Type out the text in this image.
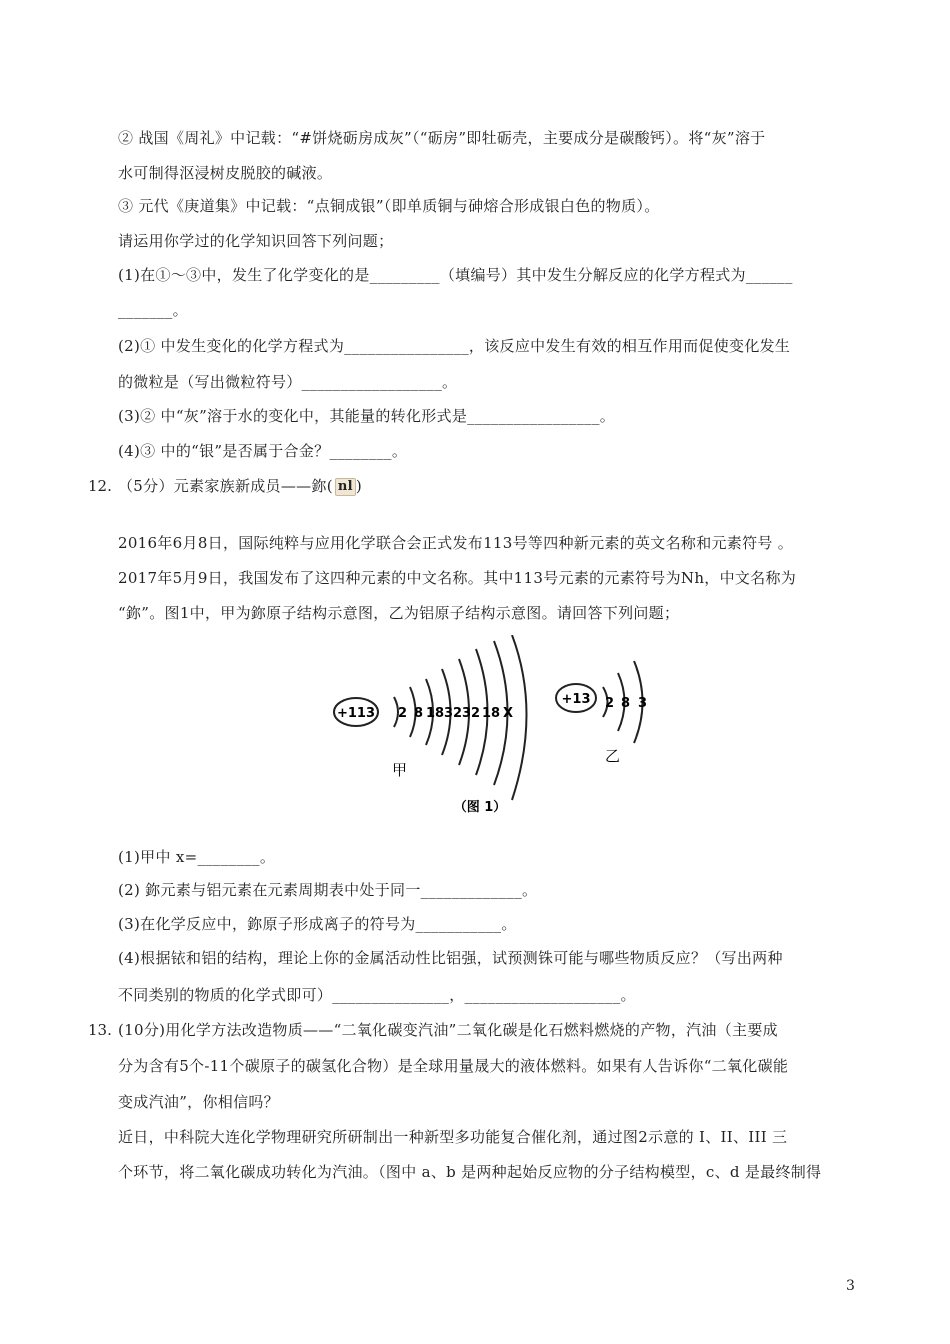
② 战国《周礼》中记载：“#饼烧砺房成灰”（“砺房”即牡砺壳，主要成分是碳酸钙）。将“灰”溶于
水可制得沤浸树皮脱胶的碱液。
③ 元代《庚道集》中记载：“点铜成银”（即单质铜与砷熔合形成银白色的物质）。
请运用你学过的化学知识回答下列问题；
(1)在①～③中，发生了化学变化的是_________（填编号）其中发生分解反应的化学方程式为______
_______。
(2)① 中发生变化的化学方程式为________________，该反应中发生有效的相互作用而促使变化发生
的微粒是（写出微粒符号）__________________。
(3)② 中“灰”溶于水的变化中，其能量的转化形式是_________________。
(4)③ 中的“银”是否属于合金？________。
12. （5分）元素家族新成员——鉨( nl )
2016年6月8日，国际纯粹与应用化学联合会正式发布113号等四种新元素的英文名称和元素符号 。
2017年5月9日，我国发布了这四种元素的中文名称。其中113号元素的元素符号为Nh，中文名称为
“鉨”。图1中，甲为鉨原子结构示意图，乙为铝原子结构示意图。请回答下列问题；
+113 2 8 18 32 32 18 X
甲
+13 2 8 3
乙
（图 1）
(1)甲中 x=________。
(2) 鉨元素与铝元素在元素周期表中处于同一_____________。
(3)在化学反应中，鉨原子形成离子的符号为___________。
(4)根据铱和铝的结构，理论上你的金属活动性比铝强，试预测铢可能与哪些物质反应？（写出两种
不同类别的物质的化学式即可）_______________，____________________。
13. (10分)用化学方法改造物质——“二氧化碳变汽油”二氧化碳是化石燃料燃烧的产物，汽油（主要成
分为含有5个-11个碳原子的碳氢化合物）是全球用量晟大的液体燃料。如果有人告诉你“二氧化碳能
变成汽油”，你相信吗？
近日，中科院大连化学物理研究所研制出一种新型多功能复合催化剂，通过图2示意的 I、II、III 三
个环节，将二氧化碳成功转化为汽油。（图中 a、b 是两种起始反应物的分子结构模型，c、d 是最终制得
3
